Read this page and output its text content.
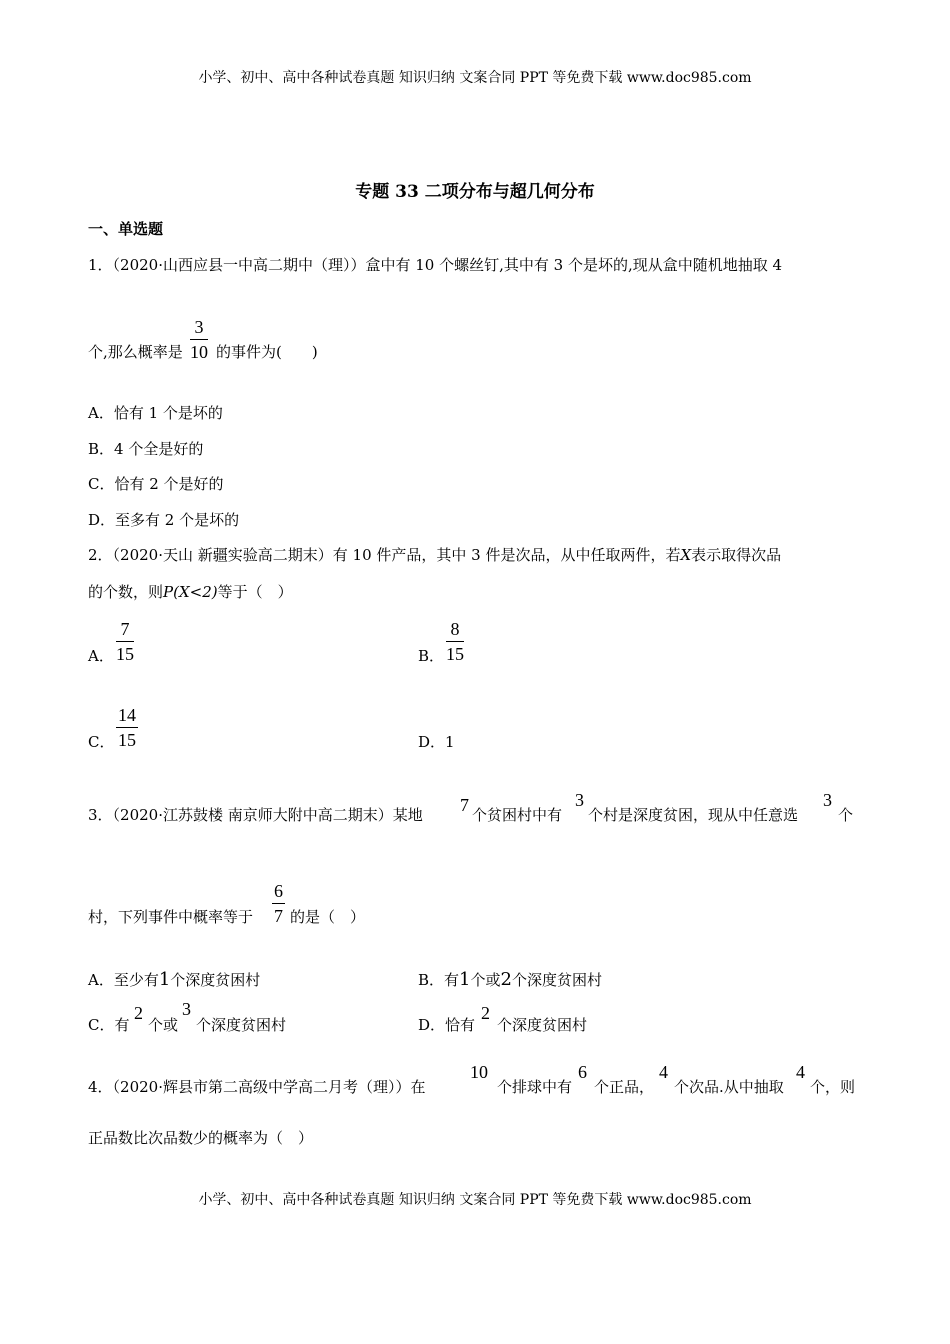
小学、初中、高中各种试卷真题 知识归纳 文案合同 PPT 等免费下载 www.doc985.com
小学、初中、高中各种试卷真题 知识归纳 文案合同 PPT 等免费下载 www.doc985.com
专题 33 二项分布与超几何分布
一、单选题
1．（2020·山西应县一中高二期中（理））盒中有 10 个螺丝钉,其中有 3 个是坏的,现从盒中随机地抽取 4
个,那么概率是
3
10 的事件为(　　)
A．恰有 1 个是坏的
B．4 个全是好的
C．恰有 2 个是好的
D．至多有 2 个是坏的
2．（2020·天山 新疆实验高二期末）有 10 件产品，其中 3 件是次品，从中任取两件，若X表示取得次品
的个数，则P(X<2)等于（　）
A．
7
15	B．
8
15
C．
14
15	D．1
3．（2020·江苏鼓楼 南京师大附中高二期末）某地 7 个贫困村中有
3
个村是深度贫困，现从中任意选
3
个
村，下列事件中概率等于
6
7 的是（　）
A．至少有1个深度贫困村	B．有1个或2个深度贫困村
C．有
2
个或
3
个深度贫困村	D．恰有
2
个深度贫困村
4．（2020·辉县市第二高级中学高二月考（理））在
10
个排球中有
6
个正品，
4
个次品.从中抽取
4
个，则
正品数比次品数少的概率为（　）
